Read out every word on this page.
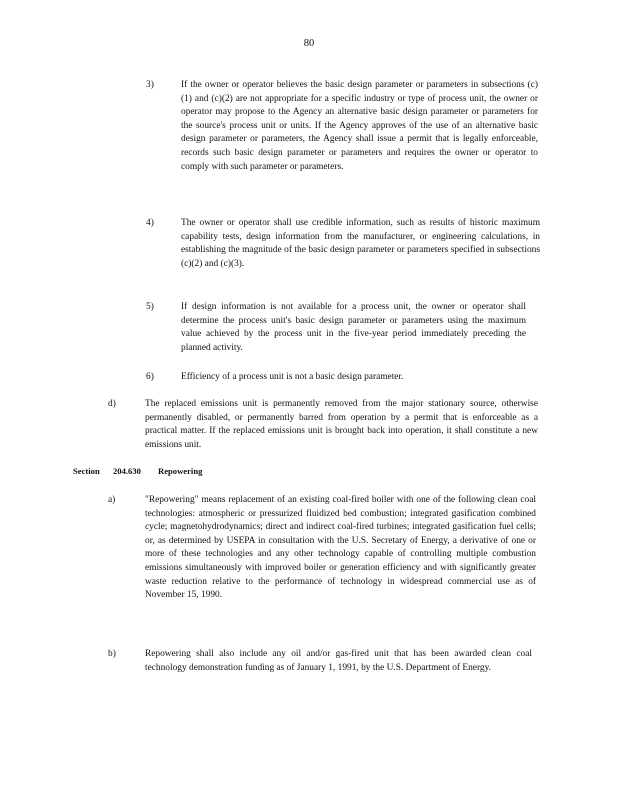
80
3)	If the owner or operator believes the basic design parameter or parameters in subsections (c)(1) and (c)(2) are not appropriate for a specific industry or type of process unit, the owner or operator may propose to the Agency an alternative basic design parameter or parameters for the source's process unit or units. If the Agency approves of the use of an alternative basic design parameter or parameters, the Agency shall issue a permit that is legally enforceable, records such basic design parameter or parameters and requires the owner or operator to comply with such parameter or parameters.
4)	The owner or operator shall use credible information, such as results of historic maximum capability tests, design information from the manufacturer, or engineering calculations, in establishing the magnitude of the basic design parameter or parameters specified in subsections (c)(2) and (c)(3).
5)	If design information is not available for a process unit, the owner or operator shall determine the process unit's basic design parameter or parameters using the maximum value achieved by the process unit in the five-year period immediately preceding the planned activity.
6)	Efficiency of a process unit is not a basic design parameter.
d)	The replaced emissions unit is permanently removed from the major stationary source, otherwise permanently disabled, or permanently barred from operation by a permit that is enforceable as a practical matter. If the replaced emissions unit is brought back into operation, it shall constitute a new emissions unit.
Section 204.630 Repowering
a)	"Repowering" means replacement of an existing coal-fired boiler with one of the following clean coal technologies: atmospheric or pressurized fluidized bed combustion; integrated gasification combined cycle; magnetohydrodynamics; direct and indirect coal-fired turbines; integrated gasification fuel cells; or, as determined by USEPA in consultation with the U.S. Secretary of Energy, a derivative of one or more of these technologies and any other technology capable of controlling multiple combustion emissions simultaneously with improved boiler or generation efficiency and with significantly greater waste reduction relative to the performance of technology in widespread commercial use as of November 15, 1990.
b)	Repowering shall also include any oil and/or gas-fired unit that has been awarded clean coal technology demonstration funding as of January 1, 1991, by the U.S. Department of Energy.
